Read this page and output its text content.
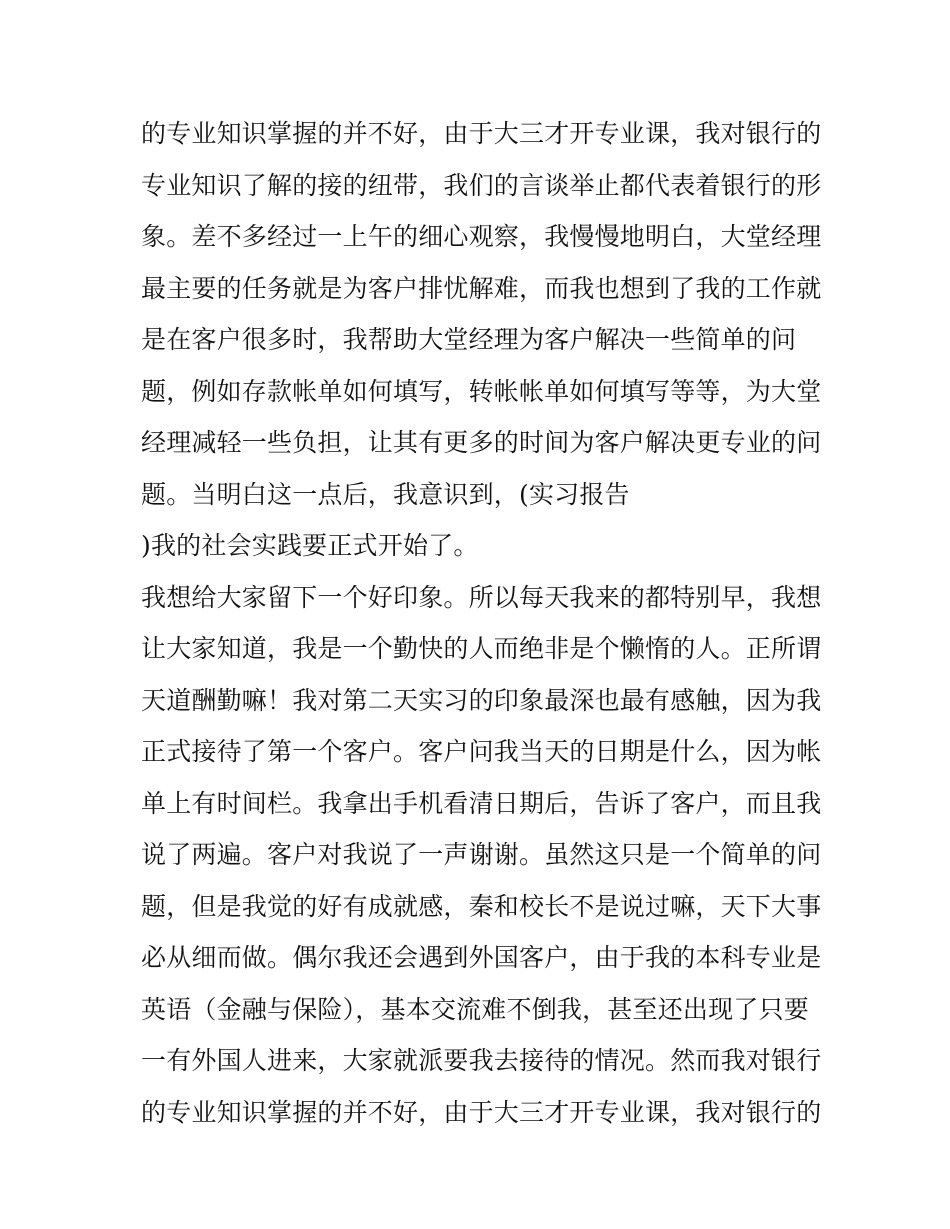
的专业知识掌握的并不好，由于大三才开专业课，我对银行的
专业知识了解的接的纽带，我们的言谈举止都代表着银行的形
象。差不多经过一上午的细心观察，我慢慢地明白，大堂经理
最主要的任务就是为客户排忧解难，而我也想到了我的工作就
是在客户很多时，我帮助大堂经理为客户解决一些简单的问
题，例如存款帐单如何填写，转帐帐单如何填写等等，为大堂
经理减轻一些负担，让其有更多的时间为客户解决更专业的问
题。当明白这一点后，我意识到，(实习报告
)我的社会实践要正式开始了。
我想给大家留下一个好印象。所以每天我来的都特别早，我想
让大家知道，我是一个勤快的人而绝非是个懒惰的人。正所谓
天道酬勤嘛！我对第二天实习的印象最深也最有感触，因为我
正式接待了第一个客户。客户问我当天的日期是什么，因为帐
单上有时间栏。我拿出手机看清日期后，告诉了客户，而且我
说了两遍。客户对我说了一声谢谢。虽然这只是一个简单的问
题，但是我觉的好有成就感，秦和校长不是说过嘛，天下大事
必从细而做。偶尔我还会遇到外国客户，由于我的本科专业是
英语（金融与保险），基本交流难不倒我，甚至还出现了只要
一有外国人进来，大家就派要我去接待的情况。然而我对银行
的专业知识掌握的并不好，由于大三才开专业课，我对银行的
